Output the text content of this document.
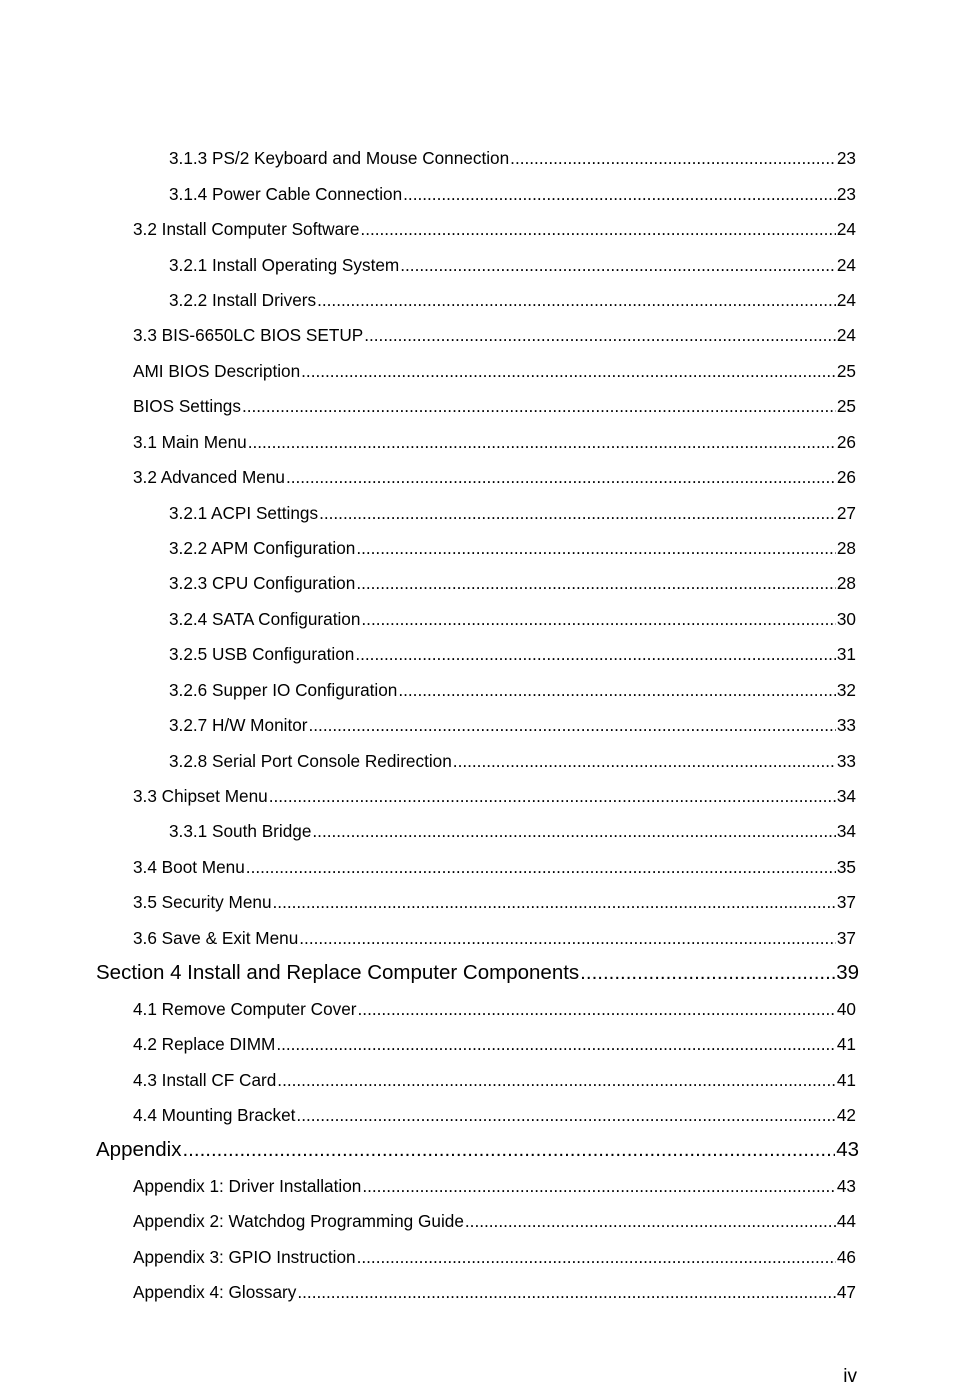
3.1.3 PS/2 Keyboard and Mouse Connection .....	23
3.1.4 Power Cable Connection .....	23
3.2 Install Computer Software .....	24
3.2.1 Install Operating System .....	24
3.2.2 Install Drivers .....	24
3.3 BIS-6650LC BIOS SETUP .....	24
AMI BIOS Description .....	25
BIOS Settings .....	25
3.1 Main Menu .....	26
3.2 Advanced Menu .....	26
3.2.1 ACPI Settings .....	27
3.2.2 APM Configuration .....	28
3.2.3 CPU Configuration .....	28
3.2.4 SATA Configuration .....	30
3.2.5 USB Configuration .....	31
3.2.6 Supper IO Configuration .....	32
3.2.7 H/W Monitor .....	33
3.2.8 Serial Port Console Redirection .....	33
3.3 Chipset Menu .....	34
3.3.1 South Bridge .....	34
3.4 Boot Menu .....	35
3.5 Security Menu .....	37
3.6 Save & Exit Menu .....	37
Section 4 Install and Replace Computer Components .....	39
4.1 Remove Computer Cover .....	40
4.2 Replace DIMM .....	41
4.3 Install CF Card .....	41
4.4 Mounting Bracket .....	42
Appendix .....	43
Appendix 1: Driver Installation .....	43
Appendix 2: Watchdog Programming Guide .....	44
Appendix 3: GPIO Instruction .....	46
Appendix 4: Glossary .....	47
iv
